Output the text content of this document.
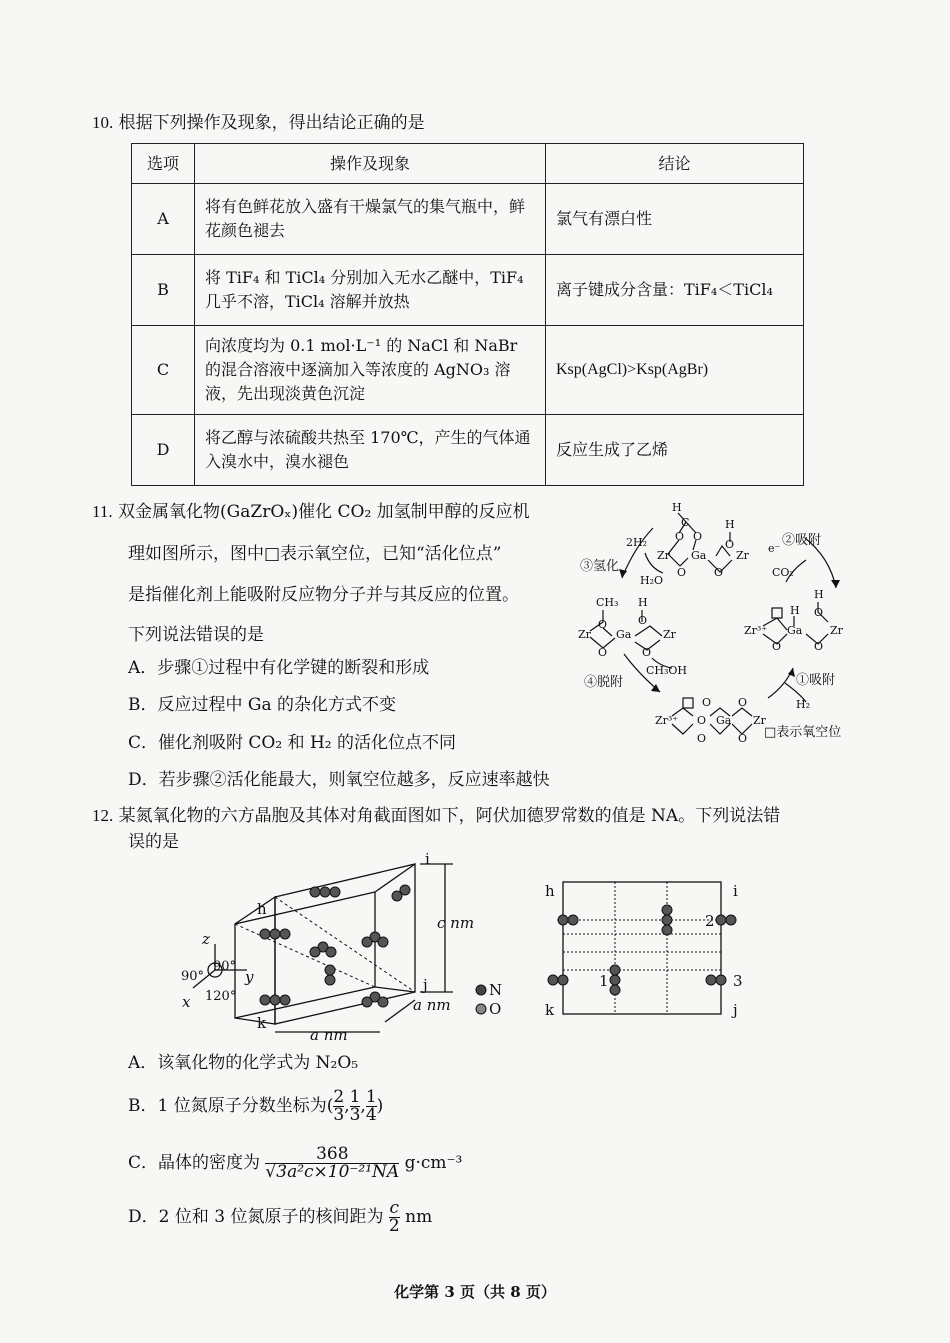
10. 根据下列操作及现象，得出结论正确的是
选项	操作及现象	结论
A	将有色鲜花放入盛有干燥氯气的集气瓶中，鲜花颜色褪去	氯气有漂白性
B	将 TiF₄ 和 TiCl₄ 分别加入无水乙醚中，TiF₄ 几乎不溶，TiCl₄ 溶解并放热	离子键成分含量：TiF₄＜TiCl₄
C	向浓度均为 0.1 mol·L⁻¹ 的 NaCl 和 NaBr 的混合溶液中逐滴加入等浓度的 AgNO₃ 溶液，先出现淡黄色沉淀	Ksp(AgCl)>Ksp(AgBr)
D	将乙醇与浓硫酸共热至 170℃，产生的气体通入溴水中，溴水褪色	反应生成了乙烯
11. 双金属氧化物(GaZrOₓ)催化 CO₂ 加氢制甲醇的反应机
理如图所示，图中□表示氧空位，已知“活化位点”
是指催化剂上能吸附反应物分子并与其反应的位置。
下列说法错误的是
A．步骤①过程中有化学键的断裂和形成
B．反应过程中 Ga 的杂化方式不变
C．催化剂吸附 CO₂ 和 H₂ 的活化位点不同
D．若步骤②活化能最大，则氧空位越多，反应速率越快
H
C
O O
H
O
Zr Ga	Zr
O	O
CH₃
O
H
O
Zr Ga	Zr
O	O
H
H
O
Zr³⁺ Ga	Zr
O	O
Zr³⁺ O
O
Ga
O
Zr
O	O
2H₂
H₂O
CO₂
e⁻
CH₃OH
H₂
②吸附
③氢化
④脱附	①吸附
□表示氧空位
12. 某氮氧化物的六方晶胞及其体对角截面图如下，阿伏加德罗常数的值是 NA。下列说法错
误的是
h
i
j
k
c nm
a nm
a nm
z
y
x
N
O
90°
90°
120°
h	i
k	j
2
1	3
A．该氧化物的化学式为 N₂O₅
B．1 位氮原子分数坐标为( $\frac{2}{3}$ , $\frac{1}{3}$ , $\frac{1}{4}$ )
C．晶体的密度为 $\frac{368}{\text{√3a²c×10⁻²¹NA}} g\cdot cm^{-3}$
D．2 位和 3 位氮原子的核间距为 $\frac{c}{2}$ nm
化学第 3 页（共 8 页）
